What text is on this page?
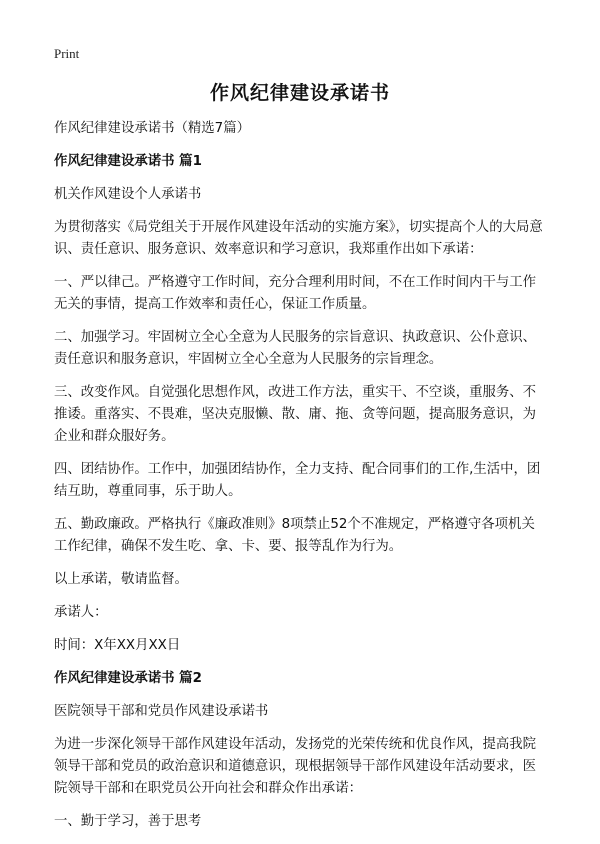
Print
作风纪律建设承诺书

作风纪律建设承诺书（精选7篇）

作风纪律建设承诺书 篇1

机关作风建设个人承诺书

为贯彻落实《局党组关于开展作风建设年活动的实施方案》，切实提高个人的大局意识、责任意识、服务意识、效率意识和学习意识，我郑重作出如下承诺：

一、严以律己。严格遵守工作时间，充分合理利用时间，不在工作时间内干与工作无关的事情，提高工作效率和责任心，保证工作质量。

二、加强学习。牢固树立全心全意为人民服务的宗旨意识、执政意识、公仆意识、责任意识和服务意识，牢固树立全心全意为人民服务的宗旨理念。

三、改变作风。自觉强化思想作风，改进工作方法，重实干、不空谈，重服务、不推诿。重落实、不畏难，坚决克服懒、散、庸、拖、贪等问题，提高服务意识，为企业和群众服好务。

四、团结协作。工作中，加强团结协作，全力支持、配合同事们的工作,生活中，团结互助，尊重同事，乐于助人。

五、勤政廉政。严格执行《廉政准则》8项禁止52个不准规定，严格遵守各项机关工作纪律，确保不发生吃、拿、卡、要、报等乱作为行为。

以上承诺，敬请监督。

承诺人：

时间：X年XX月XX日

作风纪律建设承诺书 篇2

医院领导干部和党员作风建设承诺书

为进一步深化领导干部作风建设年活动，发扬党的光荣传统和优良作风，提高我院领导干部和党员的政治意识和道德意识，现根据领导干部作风建设年活动要求，医院领导干部和在职党员公开向社会和群众作出承诺：

一、勤于学习，善于思考
